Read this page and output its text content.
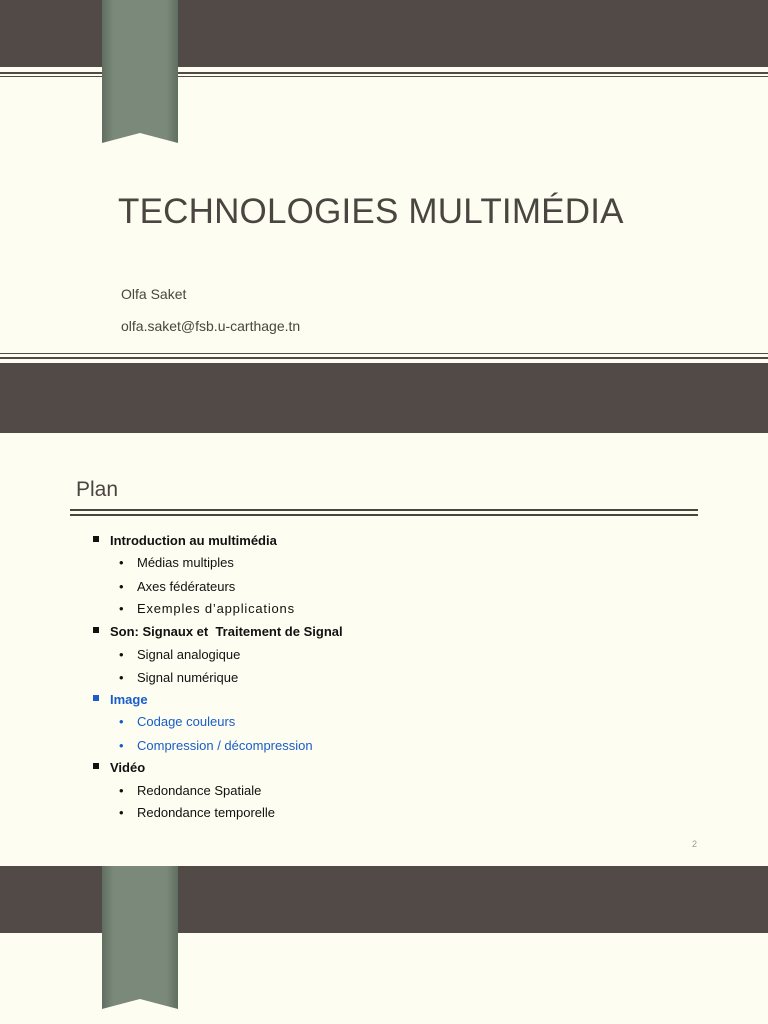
TECHNOLOGIES MULTIMÉDIA
Olfa Saket
olfa.saket@fsb.u-carthage.tn
Plan
Introduction au multimédia
• Médias multiples
• Axes fédérateurs
• Exemples d’applications
Son: Signaux et  Traitement de Signal
• Signal analogique
• Signal numérique
Image
• Codage couleurs
• Compression / décompression
Vidéo
• Redondance Spatiale
• Redondance temporelle
2
